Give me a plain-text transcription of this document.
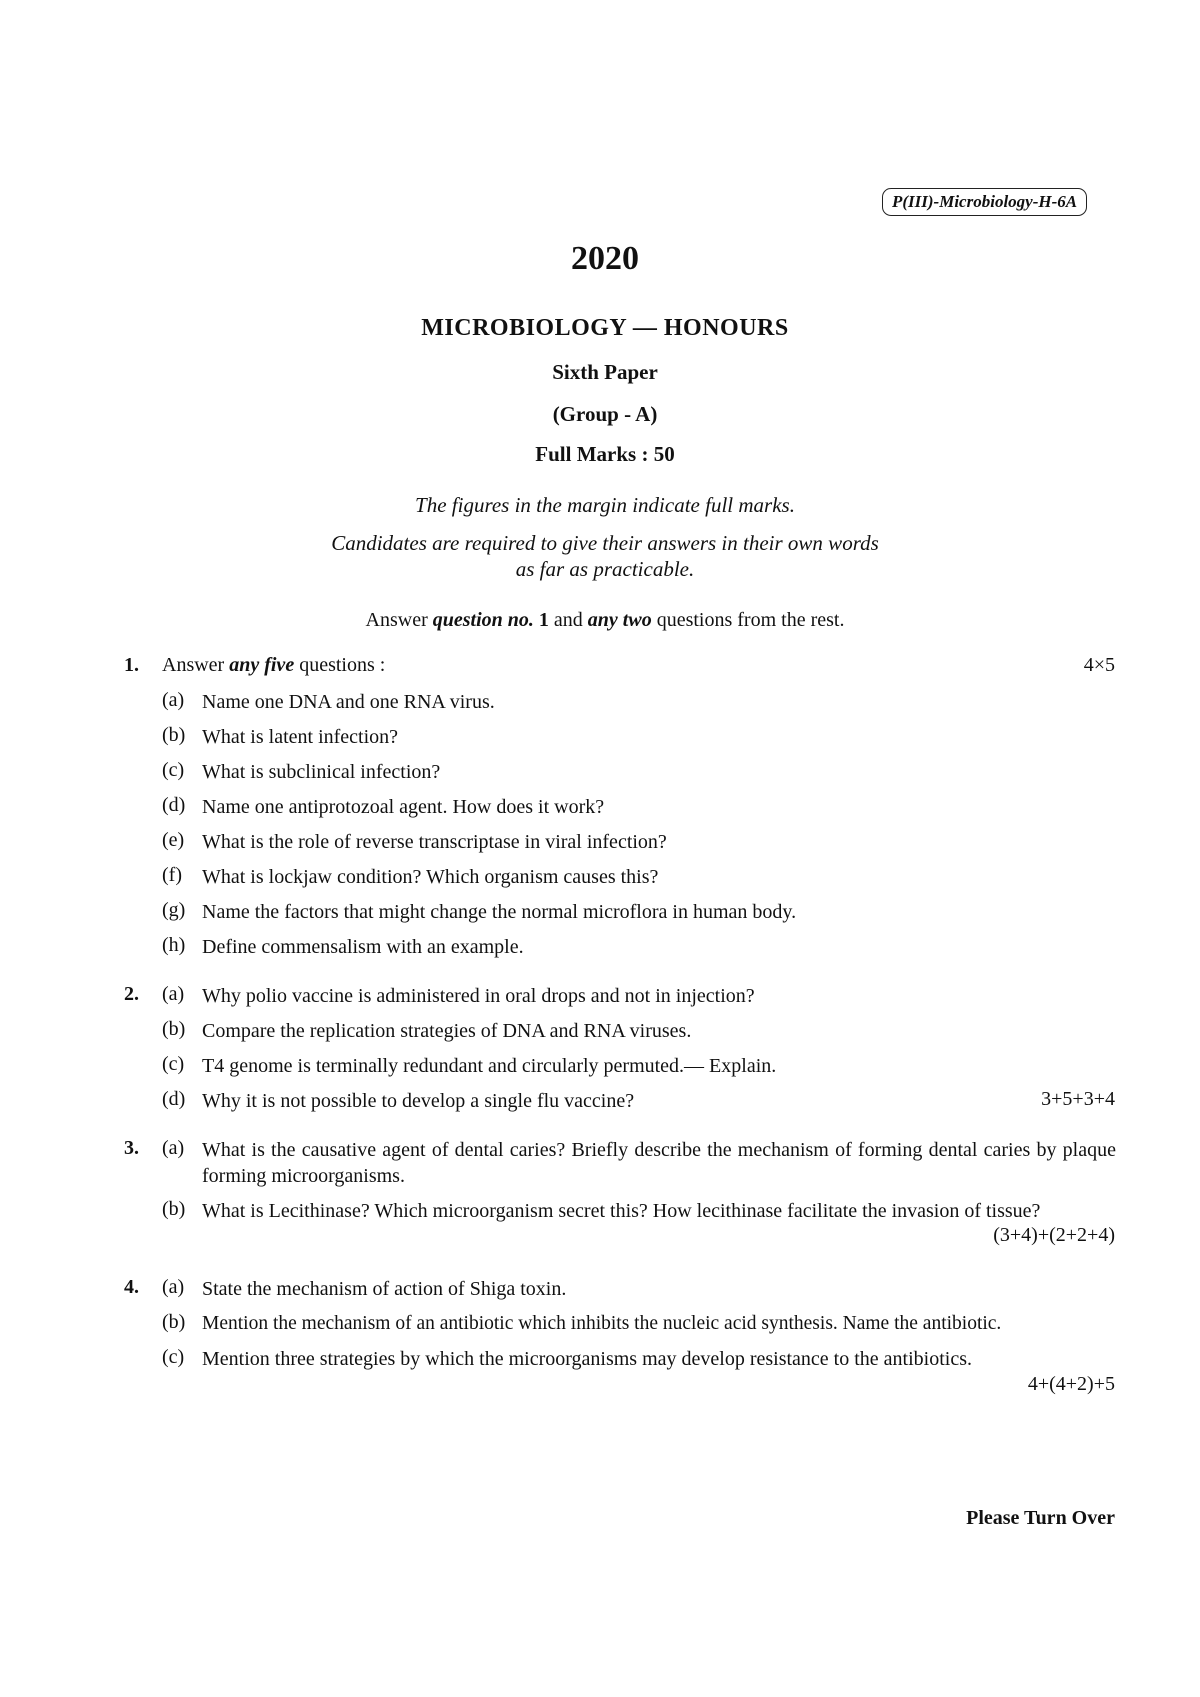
P(III)-Microbiology-H-6A
2020
MICROBIOLOGY — HONOURS
Sixth Paper
(Group - A)
Full Marks : 50
The figures in the margin indicate full marks.
Candidates are required to give their answers in their own words
as far as practicable.
Answer question no. 1 and any two questions from the rest.
1. Answer any five questions :	4×5
(a) Name one DNA and one RNA virus.
(b) What is latent infection?
(c) What is subclinical infection?
(d) Name one antiprotozoal agent. How does it work?
(e) What is the role of reverse transcriptase in viral infection?
(f) What is lockjaw condition? Which organism causes this?
(g) Name the factors that might change the normal microflora in human body.
(h) Define commensalism with an example.
2. (a) Why polio vaccine is administered in oral drops and not in injection?
(b) Compare the replication strategies of DNA and RNA viruses.
(c) T4 genome is terminally redundant and circularly permuted.— Explain.
(d) Why it is not possible to develop a single flu vaccine?	3+5+3+4
3. (a) What is the causative agent of dental caries? Briefly describe the mechanism of forming dental caries by plaque forming microorganisms.
(b) What is Lecithinase? Which microorganism secret this? How lecithinase facilitate the invasion of tissue?
(3+4)+(2+2+4)
4. (a) State the mechanism of action of Shiga toxin.
(b) Mention the mechanism of an antibiotic which inhibits the nucleic acid synthesis. Name the antibiotic.
(c) Mention three strategies by which the microorganisms may develop resistance to the antibiotics.
4+(4+2)+5
Please Turn Over
